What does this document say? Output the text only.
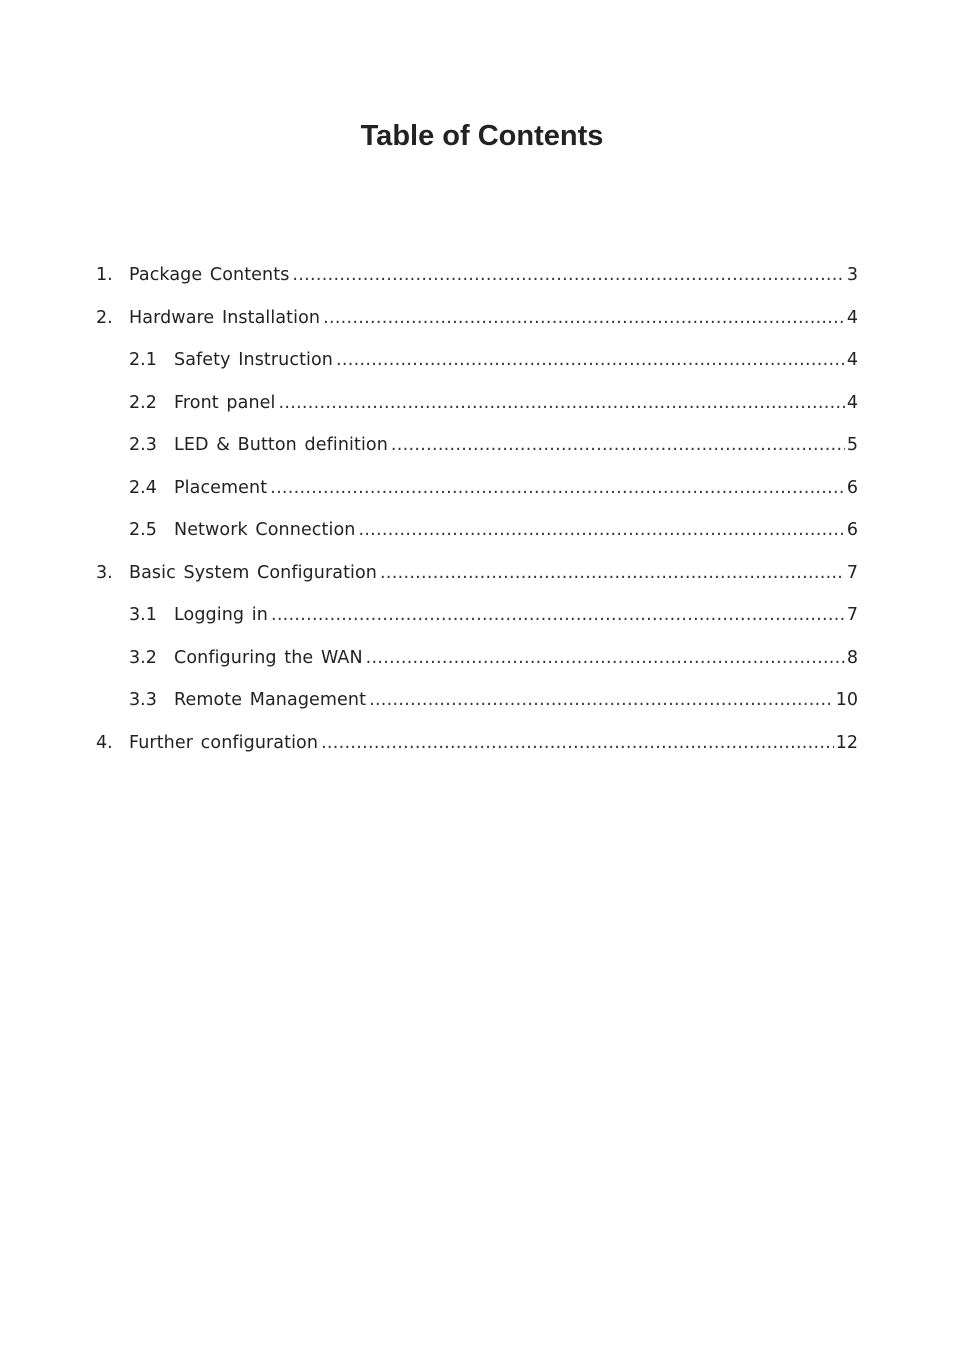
Table of Contents
1. Package Contents .....	3
2. Hardware Installation .....	4
2.1 Safety Instruction .....	4
2.2 Front panel .....	4
2.3 LED & Button definition .....	5
2.4 Placement .....	6
2.5 Network Connection .....	6
3. Basic System Configuration .....	7
3.1 Logging in .....	7
3.2 Configuring the WAN .....	8
3.3 Remote Management .....	10
4. Further configuration .....	12
